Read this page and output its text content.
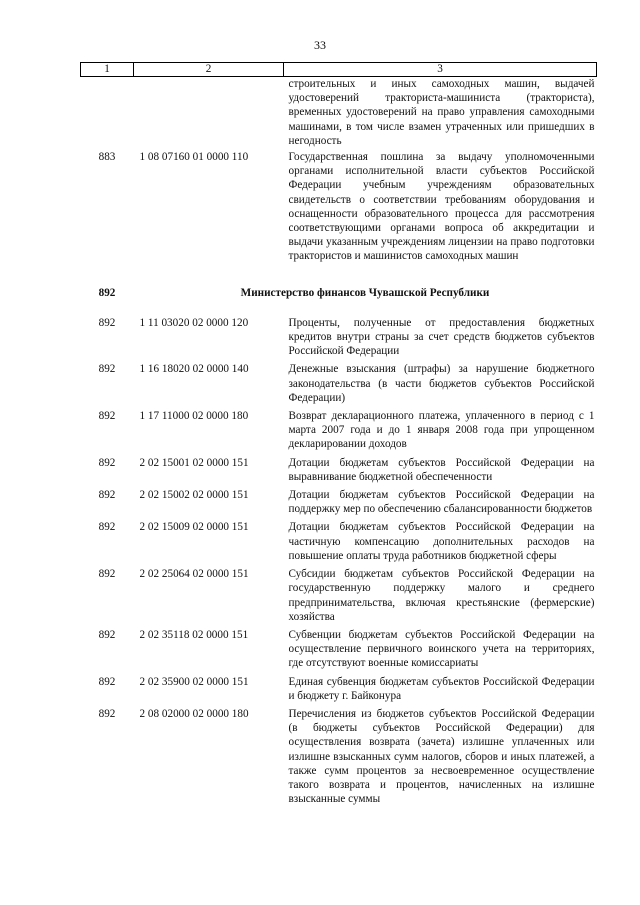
33
1	2	3
		строительных и иных самоходных машин, выдачей удостоверений тракториста-машиниста (тракториста), временных удостоверений на право управления самоходными машинами, в том числе взамен утраченных или пришедших в негодность
883	1 08 07160 01 0000 110	Государственная пошлина за выдачу уполномоченными органами исполнительной власти субъектов Российской Федерации учебным учреждениям образовательных свидетельств о соответствии требованиям оборудования и оснащенности образовательного процесса для рассмотрения соответствующими органами вопроса об аккредитации и выдачи указанным учреждениям лицензии на право подготовки трактористов и машинистов самоходных машин
892	Министерство финансов Чувашской Республики	
892	1 11 03020 02 0000 120	Проценты, полученные от предоставления бюджетных кредитов внутри страны за счет средств бюджетов субъектов Российской Федерации
892	1 16 18020 02 0000 140	Денежные взыскания (штрафы) за нарушение бюджетного законодательства (в части бюджетов субъектов Российской Федерации)
892	1 17 11000 02 0000 180	Возврат декларационного платежа, уплаченного в период с 1 марта 2007 года и до 1 января 2008 года при упрощенном декларировании доходов
892	2 02 15001 02 0000 151	Дотации бюджетам субъектов Российской Федерации на выравнивание бюджетной обеспеченности
892	2 02 15002 02 0000 151	Дотации бюджетам субъектов Российской Федерации на поддержку мер по обеспечению сбалансированности бюджетов
892	2 02 15009 02 0000 151	Дотации бюджетам субъектов Российской Федерации на частичную компенсацию дополнительных расходов на повышение оплаты труда работников бюджетной сферы
892	2 02 25064 02 0000 151	Субсидии бюджетам субъектов Российской Федерации на государственную поддержку малого и среднего предпринимательства, включая крестьянские (фермерские) хозяйства
892	2 02 35118 02 0000 151	Субвенции бюджетам субъектов Российской Федерации на осуществление первичного воинского учета на территориях, где отсутствуют военные комиссариаты
892	2 02 35900 02 0000 151	Единая субвенция бюджетам субъектов Российской Федерации и бюджету г. Байконура
892	2 08 02000 02 0000 180	Перечисления из бюджетов субъектов Российской Федерации (в бюджеты субъектов Российской Федерации) для осуществления возврата (зачета) излишне уплаченных или излишне взысканных сумм налогов, сборов и иных платежей, а также сумм процентов за несвоевременное осуществление такого возврата и процентов, начисленных на излишне взысканные суммы
